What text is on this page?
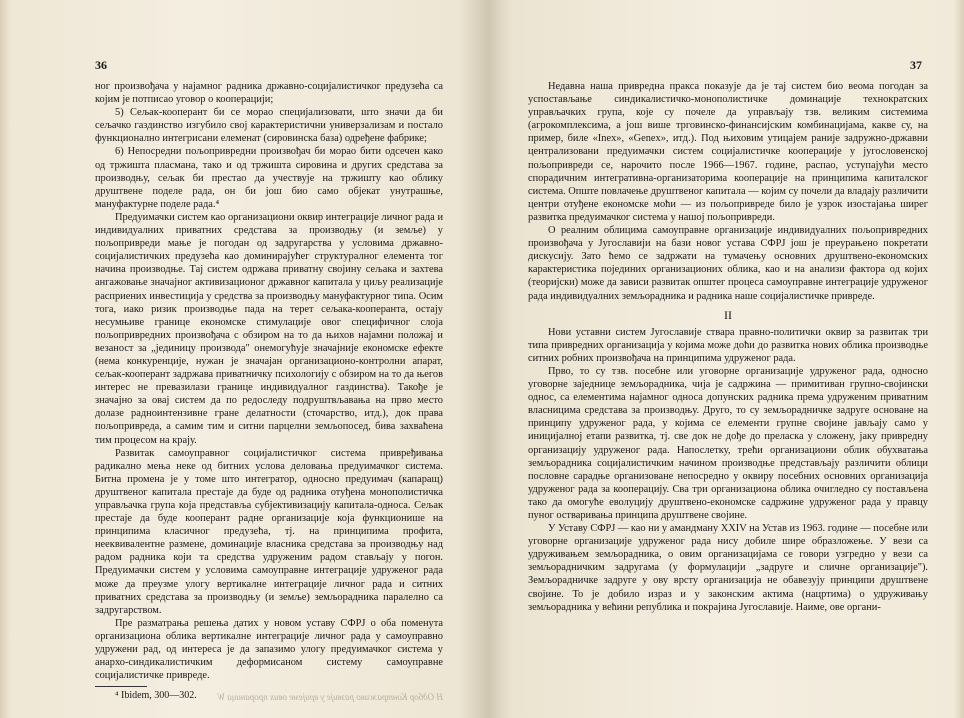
36

ног произвођача у најамног радника државно-социјалистичког предузећа са којим је потписао уговор о кооперацији;

5) Сељак-кооперант би се морао специјализовати, што значи да би сељачко газдинство изгубило свој карактеристични универзализам и постало функционално интегрисани елеменат (сировинска база) одређене фабрике;

6) Непосредни пољопривредни произвођач би морао бити одсечен како од тржишта пласмана, тако и од тржишта сировина и других средстава за производњу, сељак би престао да учествује на тржишту као облику друштвене поделе рада, он би још био само објекат унутрашње, мануфактурне поделе рада.⁴

Предуимачки систем као организациони оквир интеграције личног рада и индивидуалних приватних средстава за производњу (и земље) у пољопривреди мање је погодан од задругарства у условима државно-социјалистичких предузећа као доминирајућег структуралног елемента тог начина производње. Тај систем одржава приватну својину сељака и захтева ангажовање значајног активизационог државног капитала у циљу реализације расприених инвестиција у средства за производњу мануфактурног типа. Осим тога, иако ризик производње пада на терет сељака-кооперанта, остају несумњиве границе економске стимулације овог специфичног слоја пољопривредних произвођача с обзиром на то да њихов најамни положај и везаност за „јединицу производа" онемогућује значајније економске ефекте (нема конкуренције, нужан је значајан организационо-контролни апарат, сељак-кооперант задржава приватничку психологију с обзиром на то да његов интерес не превазилази границе индивидуалног газдинства). Такође је значајно за овај систем да по редоследу подруштвљавања на прво место долазе радноинтензивне гране делатности (сточарство, итд.), док права пољопривреда, а самим тим и ситни парцелни земљопосед, бива захваћена тим процесом на крају.

Развитак самоуправног социјалистичког система привређивања радикално мења неке од битних услова деловања предуимачког система. Битна промена је у томе што интегратор, односно предуимач (капаращ) друштвеног капитала престаје да буде од радника отуђена монополистичка управљачка група која представља субјективизацију капитала-односа. Сељак престаје да буде кооперант радне организације која функционише на принципима класичног предузећа, тј. на принципима профита, нееквивалентне размене, доминације власника средстава за производњу над радом радника који та средства удруженим радом стављају у погон. Предуимачки систем у условима самоуправне интеграције удруженог рада може да преузме улогу вертикалне интеграције личног рада и ситних приватних средстава за производњу (и земље) земљорадника паралелно са задругарством.

Пре разматрања решења датих у новом уставу СФРЈ о оба поменута организациона облика вертикалне интеграције личног рада у самоуправно удружени рад, од интереса је да запазимо улогу предуимачког система у анархо-синдикалистичким деформисаном систему самоуправне социјалистичке привреде.

⁴ Ibidem, 300—302.	Н Одбор Контраживо развије у вријеме ових прораница W
37

Недавна наша привредна пракса показује да је тај систем био веома погодан за успостављање синдикалистичко-монополистичке доминације технократских управљачких група, које су почеле да управљају тзв. великим системима (агрокомплексима, а још више трговинско-финансијским комбинацијама, какве су, на пример, биле «Inex», «Genex», итд.). Под њиховим утицајем раније задружно-државни централизовани предуимачки систем социјалистичке кооперације у југословенској пољопривреди се, нарочито после 1966—1967. године, распао, уступајући место спорадичним интегративна-организаторима кооперације на принципима капиталског система. Опште повлачење друштвеног капитала — којим су почели да владају различити центри отуђене економске моћи — из пољопривреде било је узрок изостајања ширег развитка предуимачког система у нашој пољопривреди.

О реалним облицима самоуправне организације индивидуалних пољопривредних произвођача у Југославији на бази новог устава СФРЈ још је преурањено покретати дискусију. Зато ћемо се задржати на тумачењу основних друштвено-економских карактеристика појединих организационих облика, као и на анализи фактора од којих (теоријски) може да зависи развитак општег процеса самоуправне интеграције удруженог рада индивидуалних земљорадника и радника наше социјалистичке привреде.

II

Нови уставни систем Југославије ствара правно-политички оквир за развитак три типа привредних организација у којима може доћи до развитка нових облика производње ситних робних произвођача на принципима удруженог рада.

Прво, то су тзв. посебне или уговорне организације удруженог рада, односно уговорне заједнице земљорадника, чија је садржина — примитиван групно-својински однос, са елементима најамног односа допунских радника према удруженим приватним власницима средстава за производњу. Друго, то су земљорадничке задруге основане на принципу удруженог рада, у којима се елементи групне својине јављају само у иницијалној етапи развитка, тј. све док не дође до преласка у сложену, јаку привредну организацију удруженог рада. Напослетку, трећи организациони облик обухватања земљорадника социјалистичким начином производње представљају различити облици пословне сарадње организоване непосредно у оквиру посебних основних организација удруженог рада за кооперацију. Сва три организациона облика очигледно су постављена тако да омогуће еволуцију друштвено-економске садржине удруженог рада у правцу пуног остваривања принципа друштвене својине.

У Уставу СФРЈ — као ни у амандману XXIV на Устав из 1963. године — посебне или уговорне организације удруженог рада нису добиле шире образложење. У вези са удруживањем земљорадника, о овим организацијама се говори узгредно у вези са земљорадничким задругама (у формулацији „задруге и сличне организације"). Земљорадничке задруге у ову врсту организација не обавезују принципи друштвене својине. То је добило израз и у законским актима (нацртима) о удруживању земљорадника у већини република и покрајина Југославије. Наиме, ове органи-
